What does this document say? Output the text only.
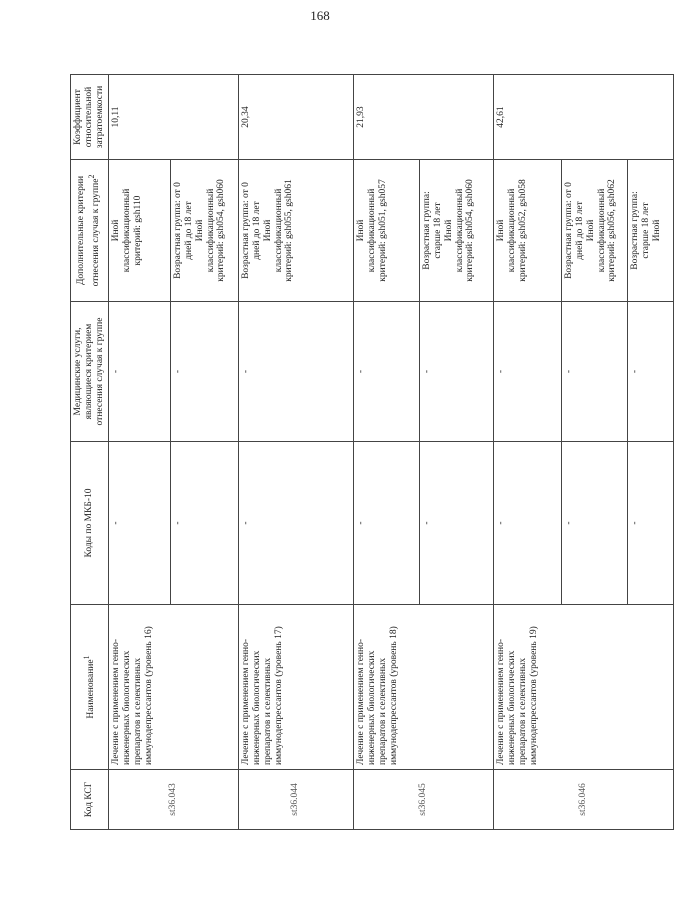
168
Код КСГ	Наименование$^1$	Коды по МКБ-10	Медицинские услуги, являющиеся критерием отнесения случая к группе	Дополнительные критерии отнесения случая к группе$^2$	Коэффициент относительной затратоемкости
st36.043	Лечение с применением генно-инженерных биологических препаратов и селективных иммунодепрессантов (уровень 16)	-	-	Иной классификационный критерий: gsh110	10,11
		-	-	Возрастная группа: от 0 дней до 18 лет Иной классификационный критерий: gsh054, gsh060	

st36.044	Лечение с применением генно-инженерных биологических препаратов и селективных иммунодепрессантов (уровень 17)	-	-	Возрастная группа: от 0 дней до 18 лет Иной классификационный критерий: gsh055, gsh061	20,34
st36.045	Лечение с применением генно-инженерных биологических препаратов и селективных иммунодепрессантов (уровень 18)	-	-	Иной классификационный критерий: gsh051, gsh057	21,93
		-	-	Возрастная группа: старше 18 лет Иной классификационный критерий: gsh054, gsh060	

st36.046	Лечение с применением генно-инженерных биологических препаратов и селективных иммунодепрессантов (уровень 19)	-	-	Иной классификационный критерий: gsh052, gsh058	42,61
		-	-	Возрастная группа: от 0 дней до 18 лет Иной классификационный критерий: gsh056, gsh062	

		-	-	Возрастная группа: старше 18 лет Иной	
